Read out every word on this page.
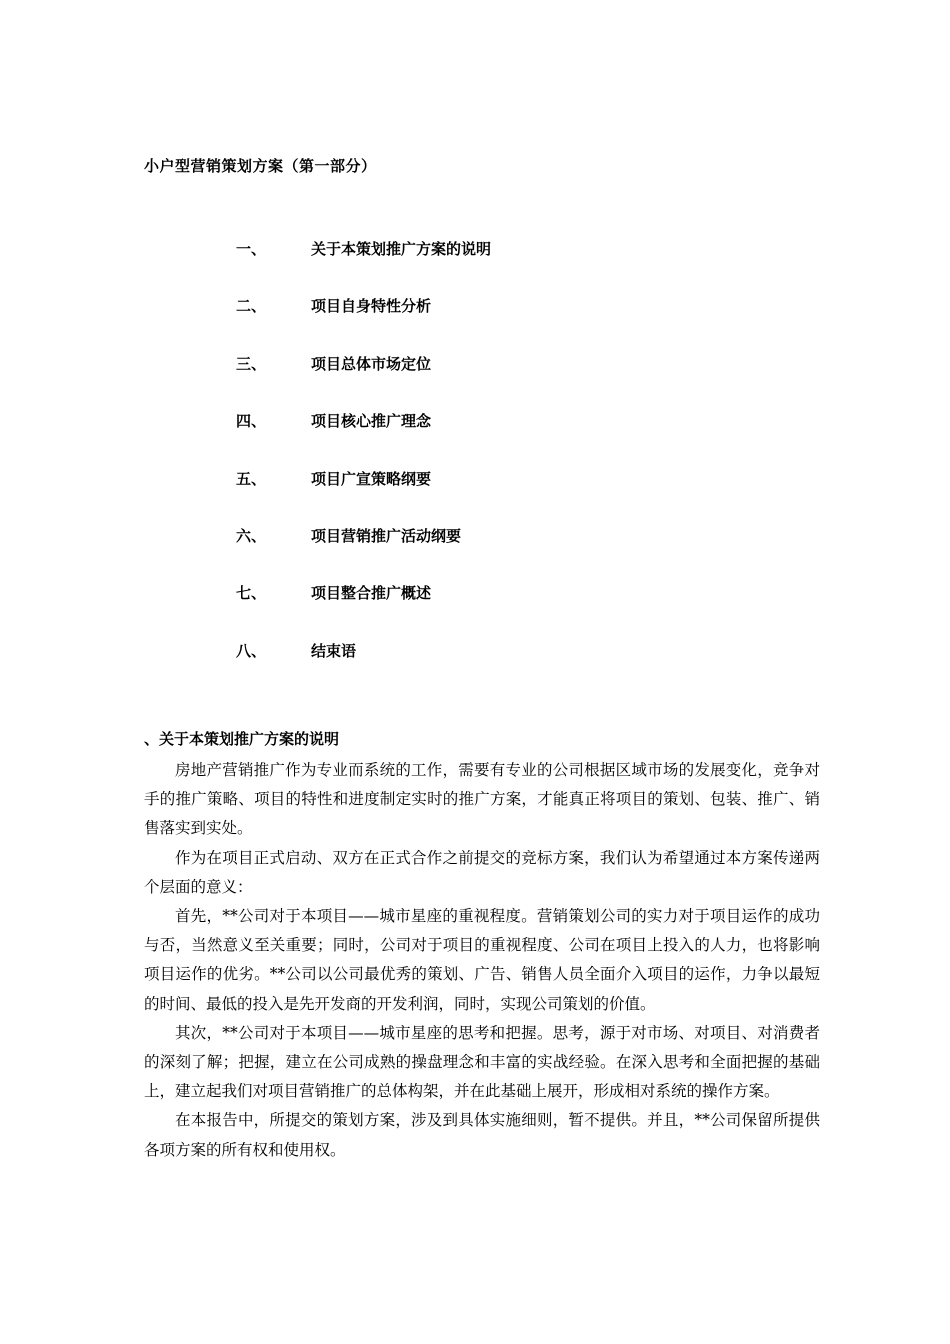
小户型营销策划方案（第一部分）
一、	关于本策划推广方案的说明
二、	项目自身特性分析
三、	项目总体市场定位
四、	项目核心推广理念
五、	项目广宣策略纲要
六、	项目营销推广活动纲要
七、	项目整合推广概述
八、	结束语
、关于本策划推广方案的说明

房地产营销推广作为专业而系统的工作，需要有专业的公司根据区域市场的发展变化，竞争对手的推广策略、项目的特性和进度制定实时的推广方案，才能真正将项目的策划、包装、推广、销售落实到实处。

作为在项目正式启动、双方在正式合作之前提交的竞标方案，我们认为希望通过本方案传递两个层面的意义：

首先，**公司对于本项目——城市星座的重视程度。营销策划公司的实力对于项目运作的成功与否，当然意义至关重要；同时，公司对于项目的重视程度、公司在项目上投入的人力，也将影响项目运作的优劣。**公司以公司最优秀的策划、广告、销售人员全面介入项目的运作，力争以最短的时间、最低的投入是先开发商的开发利润，同时，实现公司策划的价值。

其次，**公司对于本项目——城市星座的思考和把握。思考，源于对市场、对项目、对消费者的深刻了解；把握，建立在公司成熟的操盘理念和丰富的实战经验。在深入思考和全面把握的基础上，建立起我们对项目营销推广的总体构架，并在此基础上展开，形成相对系统的操作方案。

在本报告中，所提交的策划方案，涉及到具体实施细则，暂不提供。并且，**公司保留所提供各项方案的所有权和使用权。
